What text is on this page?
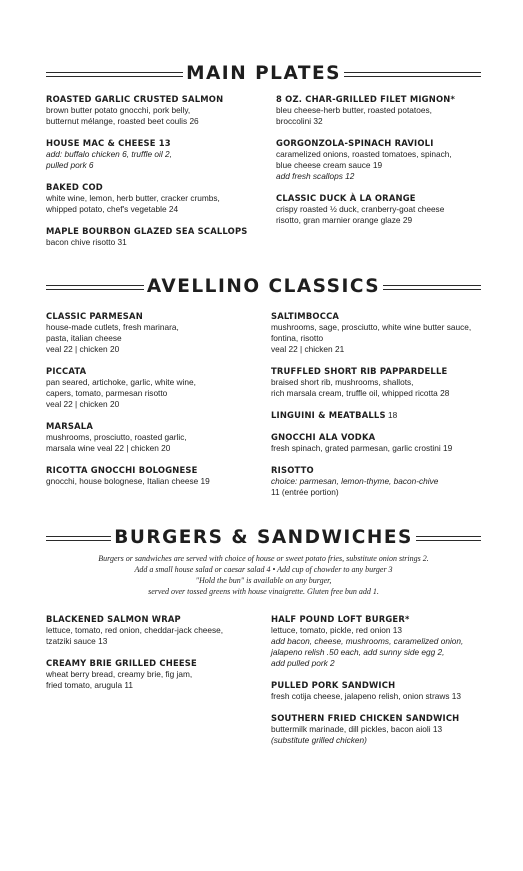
MAIN PLATES
ROASTED GARLIC CRUSTED SALMON
brown butter potato gnocchi, pork belly,
butternut mélange, roasted beet coulis 26
HOUSE MAC & CHEESE 13
add: buffalo chicken 6, truffle oil 2,
pulled pork 6
BAKED COD
white wine, lemon, herb butter, cracker crumbs,
whipped potato, chef's vegetable 24
MAPLE BOURBON GLAZED SEA SCALLOPS
bacon chive risotto 31
8 OZ. CHAR-GRILLED FILET MIGNON*
bleu cheese-herb butter, roasted potatoes,
broccolini 32
GORGONZOLA-SPINACH RAVIOLI
caramelized onions, roasted tomatoes, spinach,
blue cheese cream sauce 19
add fresh scallops 12
CLASSIC DUCK À LA ORANGE
crispy roasted ½ duck, cranberry-goat cheese
risotto, gran marnier orange glaze 29
AVELLINO CLASSICS
CLASSIC PARMESAN
house-made cutlets, fresh marinara,
pasta, italian cheese
veal 22 | chicken 20
PICCATA
pan seared, artichoke, garlic, white wine,
capers, tomato, parmesan risotto
veal 22 | chicken 20
MARSALA
mushrooms, prosciutto, roasted garlic,
marsala wine veal 22 | chicken 20
RICOTTA GNOCCHI BOLOGNESE
gnocchi, house bolognese, Italian cheese 19
SALTIMBOCCA
mushrooms, sage, prosciutto, white wine butter sauce,
fontina, risotto
veal 22 | chicken 21
TRUFFLED SHORT RIB PAPPARDELLE
braised short rib, mushrooms, shallots,
rich marsala cream, truffle oil, whipped ricotta 28
LINGUINI & MEATBALLS 18
GNOCCHI ALA VODKA
fresh spinach, grated parmesan, garlic crostini 19
RISOTTO
choice: parmesan, lemon-thyme, bacon-chive
11 (entrée portion)
BURGERS & SANDWICHES
Burgers or sandwiches are served with choice of house or sweet potato fries, substitute onion strings 2.
Add a small house salad or caesar salad 4 • Add cup of chowder to any burger 3
"Hold the bun" is available on any burger,
served over tossed greens with house vinaigrette. Gluten free bun add 1.
BLACKENED SALMON WRAP
lettuce, tomato, red onion, cheddar-jack cheese,
tzatziki sauce 13
CREAMY BRIE GRILLED CHEESE
wheat berry bread, creamy brie, fig jam,
fried tomato, arugula 11
HALF POUND LOFT BURGER*
lettuce, tomato, pickle, red onion 13
add bacon, cheese, mushrooms, caramelized onion,
jalapeno relish .50 each, add sunny side egg 2,
add pulled pork 2
PULLED PORK SANDWICH
fresh cotija cheese, jalapeno relish, onion straws 13
SOUTHERN FRIED CHICKEN SANDWICH
buttermilk marinade, dill pickles, bacon aioli 13
(substitute grilled chicken)
